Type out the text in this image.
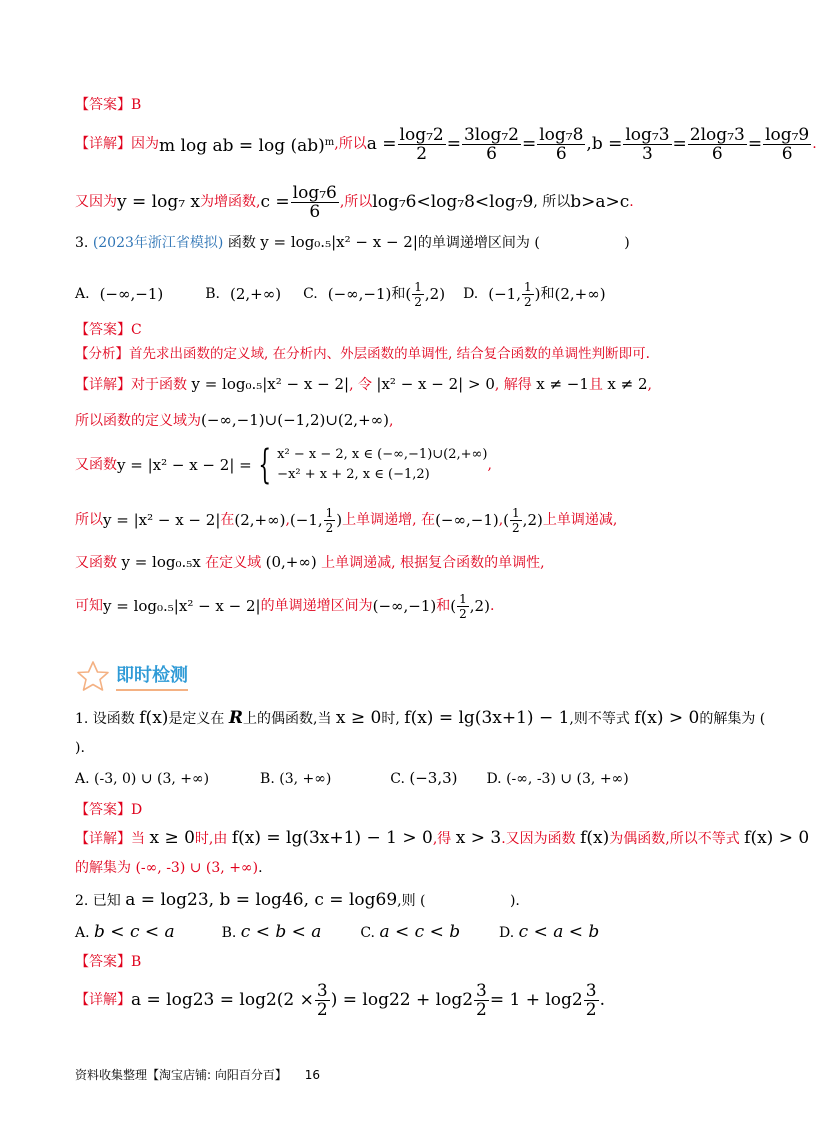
【答案】B
【详解】 因为 m log ab = log (ab)$^m$ ,所以 $a = \frac{\text{log₇2}}{2} = \frac{\text{3log₇2}}{6} = \frac{\text{log₇8}}{6} ,b = \frac{\text{log₇3}}{3} = \frac{\text{2log₇3}}{6} = \frac{\text{log₇9}}{6}$ .
又因为 y = log₇ x 为增函数, $c = \frac{\text{log₇6}}{6}$ ,所以 log₇6<log₇8<log₇9 , 所以 b>a>c .
3. (2023年浙江省模拟) 函数 y = log₀.₅|x² − x − 2|的单调递增区间为 (	)
A. (−∞,−1)	B. (2,+∞) C. (−∞,−1) 和 ( $\frac{1}{2} ,2$) D. (−1, $\frac{1}{2}$ ) 和 (2,+∞)
【答案】C
【分析】首先求出函数的定义域, 在分析内、外层函数的单调性, 结合复合函数的单调性判断即可.
【详解】对于函数 y = log₀.₅|x² − x − 2|, 令 |x² − x − 2| > 0, 解得 x ≠ −1且 x ≠ 2,
所以函数的定义域为(−∞,−1)∪(−1,2)∪(2,+∞),
又函数 y = |x² − x − 2| = { x² − x − 2, x ∈ (−∞,−1)∪(2,+∞)
−x² + x + 2, x ∈ (−1,2)
,
所以 y = |x² − x − 2| 在 (2,+∞) , (−1, $\frac{1}{2}$ ) 上单调递增, 在 (−∞,−1) , ( $\frac{1}{2} ,2$) 上单调递减,
又函数 y = log₀.₅x 在定义域 (0,+∞) 上单调递减, 根据复合函数的单调性,
可知 y = log₀.₅|x² − x − 2| 的单调递增区间为 (−∞,−1) 和 ( $\frac{1}{2} ,2$) .
即时检测
1. 设函数 f(x)是定义在 R上的偶函数,当 x ≥ 0时, f(x) = lg(3x+1) − 1,则不等式 f(x) > 0的解集为 (
).
A. (-3, 0) ∪ (3, +∞)	B. (3, +∞)	C. (−3,3) D. (-∞, -3) ∪ (3, +∞)
【答案】D
【详解】当 x ≥ 0时,由 f(x) = lg(3x+1) − 1 > 0,得 x > 3.又因为函数 f(x)为偶函数,所以不等式 f(x) > 0
的解集为 (-∞, -3) ∪ (3, +∞).
2. 已知 a = log23, b = log46, c = log69,则 (	).
A. b < c < a	B. c < b < a	C. a < c < b	D. c < a < b
【答案】B
【详解】 $a = \log 23 = \log 2(2 \times \frac{3}{2}$ ) = $\log 22 + \log 2 \frac{3}{2} = 1 + \log 2 \frac{3}{2}$ .
资料收集整理【淘宝店铺: 向阳百分百】 16
